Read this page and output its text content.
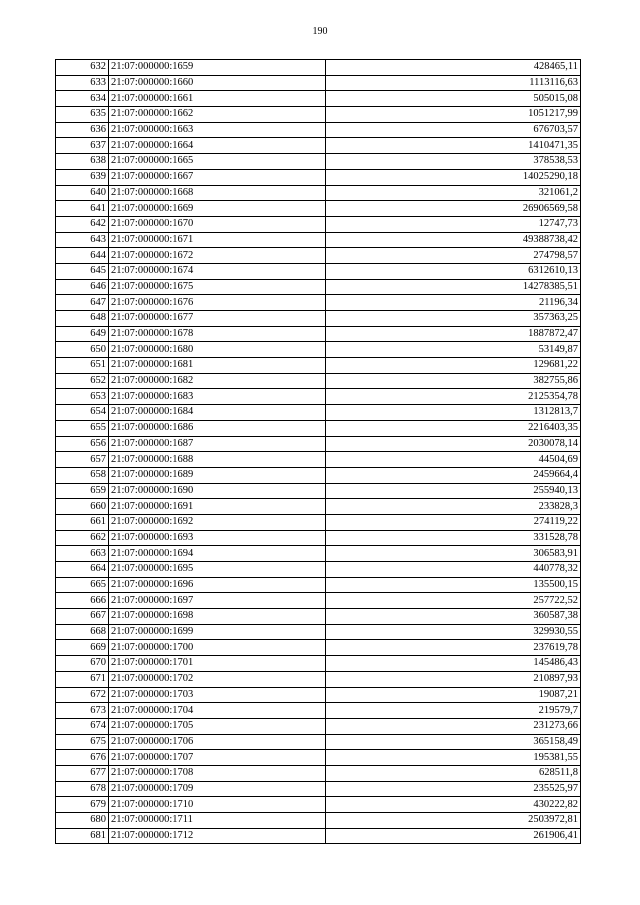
190
632	21:07:000000:1659	428465,11
633	21:07:000000:1660	1113116,63
634	21:07:000000:1661	505015,08
635	21:07:000000:1662	1051217,99
636	21:07:000000:1663	676703,57
637	21:07:000000:1664	1410471,35
638	21:07:000000:1665	378538,53
639	21:07:000000:1667	14025290,18
640	21:07:000000:1668	321061,2
641	21:07:000000:1669	26906569,58
642	21:07:000000:1670	12747,73
643	21:07:000000:1671	49388738,42
644	21:07:000000:1672	274798,57
645	21:07:000000:1674	6312610,13
646	21:07:000000:1675	14278385,51
647	21:07:000000:1676	21196,34
648	21:07:000000:1677	357363,25
649	21:07:000000:1678	1887872,47
650	21:07:000000:1680	53149,87
651	21:07:000000:1681	129681,22
652	21:07:000000:1682	382755,86
653	21:07:000000:1683	2125354,78
654	21:07:000000:1684	1312813,7
655	21:07:000000:1686	2216403,35
656	21:07:000000:1687	2030078,14
657	21:07:000000:1688	44504,69
658	21:07:000000:1689	2459664,4
659	21:07:000000:1690	255940,13
660	21:07:000000:1691	233828,3
661	21:07:000000:1692	274119,22
662	21:07:000000:1693	331528,78
663	21:07:000000:1694	306583,91
664	21:07:000000:1695	440778,32
665	21:07:000000:1696	135500,15
666	21:07:000000:1697	257722,52
667	21:07:000000:1698	360587,38
668	21:07:000000:1699	329930,55
669	21:07:000000:1700	237619,78
670	21:07:000000:1701	145486,43
671	21:07:000000:1702	210897,93
672	21:07:000000:1703	19087,21
673	21:07:000000:1704	219579,7
674	21:07:000000:1705	231273,66
675	21:07:000000:1706	365158,49
676	21:07:000000:1707	195381,55
677	21:07:000000:1708	628511,8
678	21:07:000000:1709	235525,97
679	21:07:000000:1710	430222,82
680	21:07:000000:1711	2503972,81
681	21:07:000000:1712	261906,41
